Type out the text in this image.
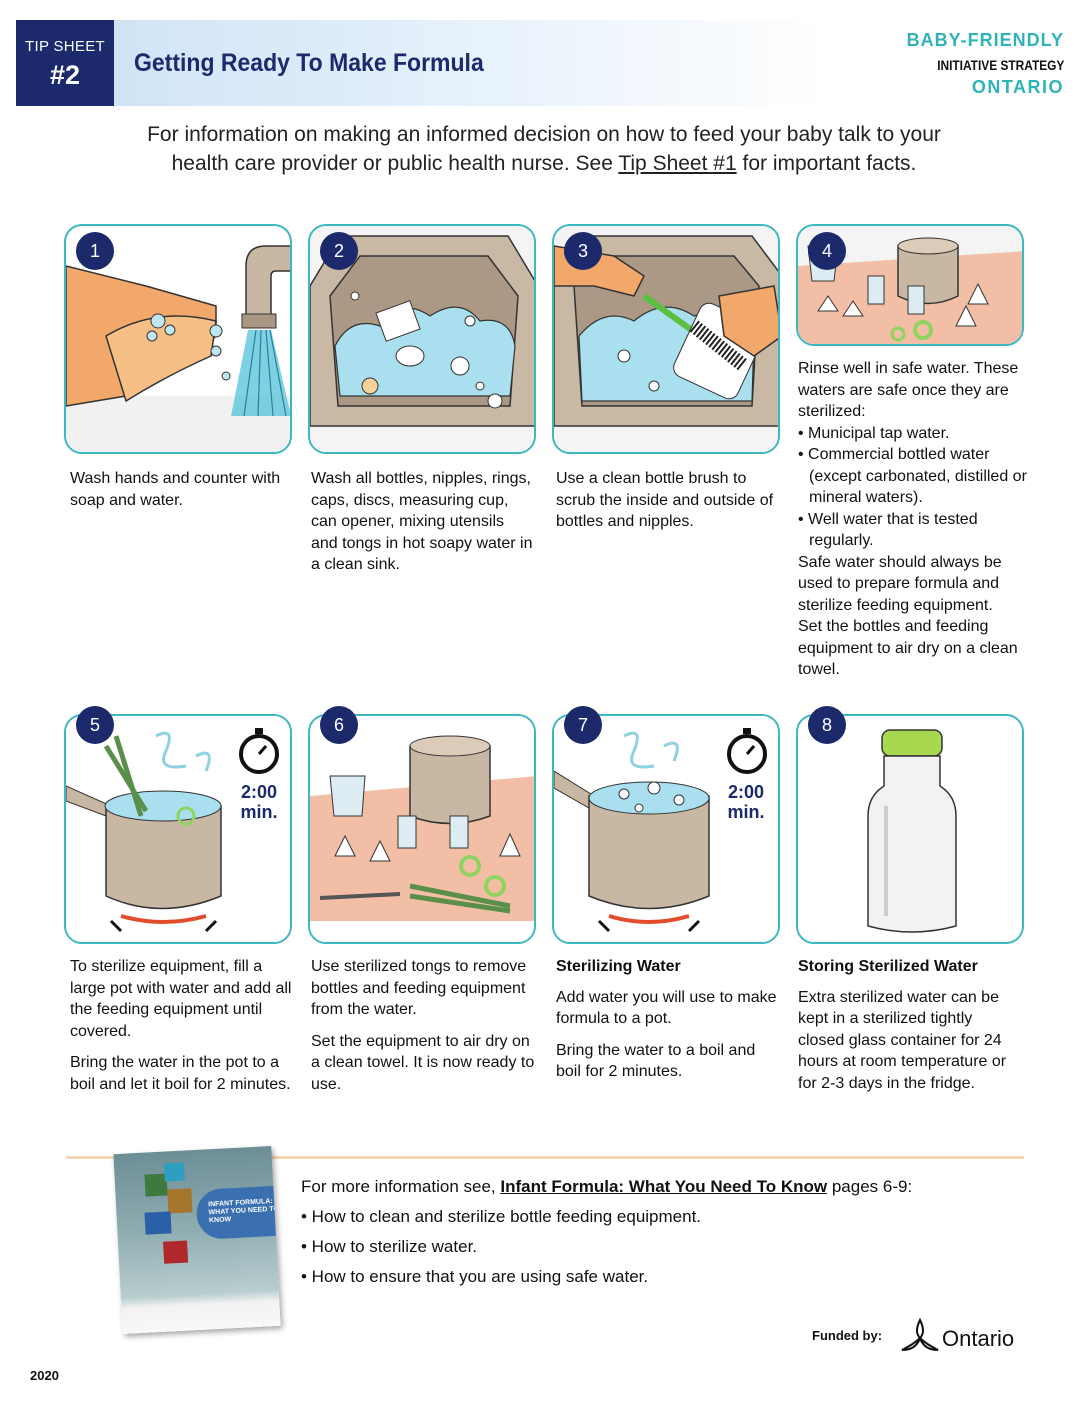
TIP SHEET
#2	Getting Ready To Make Formula
BABY-FRIENDLY
INITIATIVE STRATEGY
ONTARIO
For information on making an informed decision on how to feed your baby talk to your
health care provider or public health nurse. See Tip Sheet #1 for important facts.
1
Wash hands and counter with soap and water.
2
Wash all bottles, nipples, rings, caps, discs, measuring cup, can opener, mixing utensils and tongs in hot soapy water in a clean sink.
3
Use a clean bottle brush to scrub the inside and outside of bottles and nipples.
4
Rinse well in safe water. These waters are safe once they are sterilized:
• Municipal tap water.
• Commercial bottled water (except carbonated, distilled or mineral waters).
• Well water that is tested regularly.
Safe water should always be used to prepare formula and sterilize feeding equipment.
Set the bottles and feeding equipment to air dry on a clean towel.
5
2:00
min.

To sterilize equipment, fill a large pot with water and add all the feeding equipment until covered.

Bring the water in the pot to a boil and let it boil for 2 minutes.

6

Use sterilized tongs to remove bottles and feeding equipment from the water.

Set the equipment to air dry on a clean towel. It is now ready to use.

7
2:00
min.
Sterilizing Water

Add water you will use to make formula to a pot.

Bring the water to a boil and boil for 2 minutes.

8
Storing Sterilized Water

Extra sterilized water can be kept in a sterilized tightly closed glass container for 24 hours at room temperature or for 2-3 days in the fridge.

INFANT FORMULA: WHAT YOU NEED TO KNOW
For more information see, Infant Formula: What You Need To Know pages 6-9:
• How to clean and sterilize bottle feeding equipment.
• How to sterilize water.
• How to ensure that you are using safe water.
Funded by:	Ontario
2020
